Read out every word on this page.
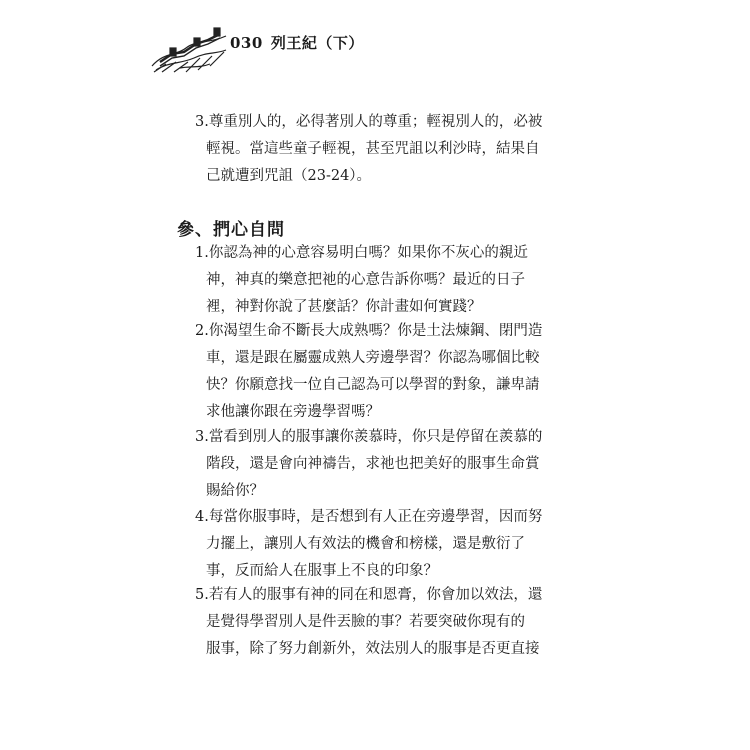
030 列王紀（下）
3.尊重別人的，必得著別人的尊重；輕視別人的，必被
輕視。當這些童子輕視，甚至咒詛以利沙時，結果自
己就遭到咒詛（23-24）。
參、捫心自問
1.你認為神的心意容易明白嗎？如果你不灰心的親近
神，神真的樂意把祂的心意告訴你嗎？最近的日子
裡，神對你說了甚麼話？你計畫如何實踐？
2.你渴望生命不斷長大成熟嗎？你是土法煉鋼、閉門造
車，還是跟在屬靈成熟人旁邊學習？你認為哪個比較
快？你願意找一位自己認為可以學習的對象，謙卑請
求他讓你跟在旁邊學習嗎？
3.當看到別人的服事讓你羨慕時，你只是停留在羨慕的
階段，還是會向神禱告，求祂也把美好的服事生命賞
賜給你？
4.每當你服事時，是否想到有人正在旁邊學習，因而努
力擺上，讓別人有效法的機會和榜樣，還是敷衍了
事，反而給人在服事上不良的印象？
5.若有人的服事有神的同在和恩膏，你會加以效法，還
是覺得學習別人是件丟臉的事？若要突破你現有的
服事，除了努力創新外，效法別人的服事是否更直接
